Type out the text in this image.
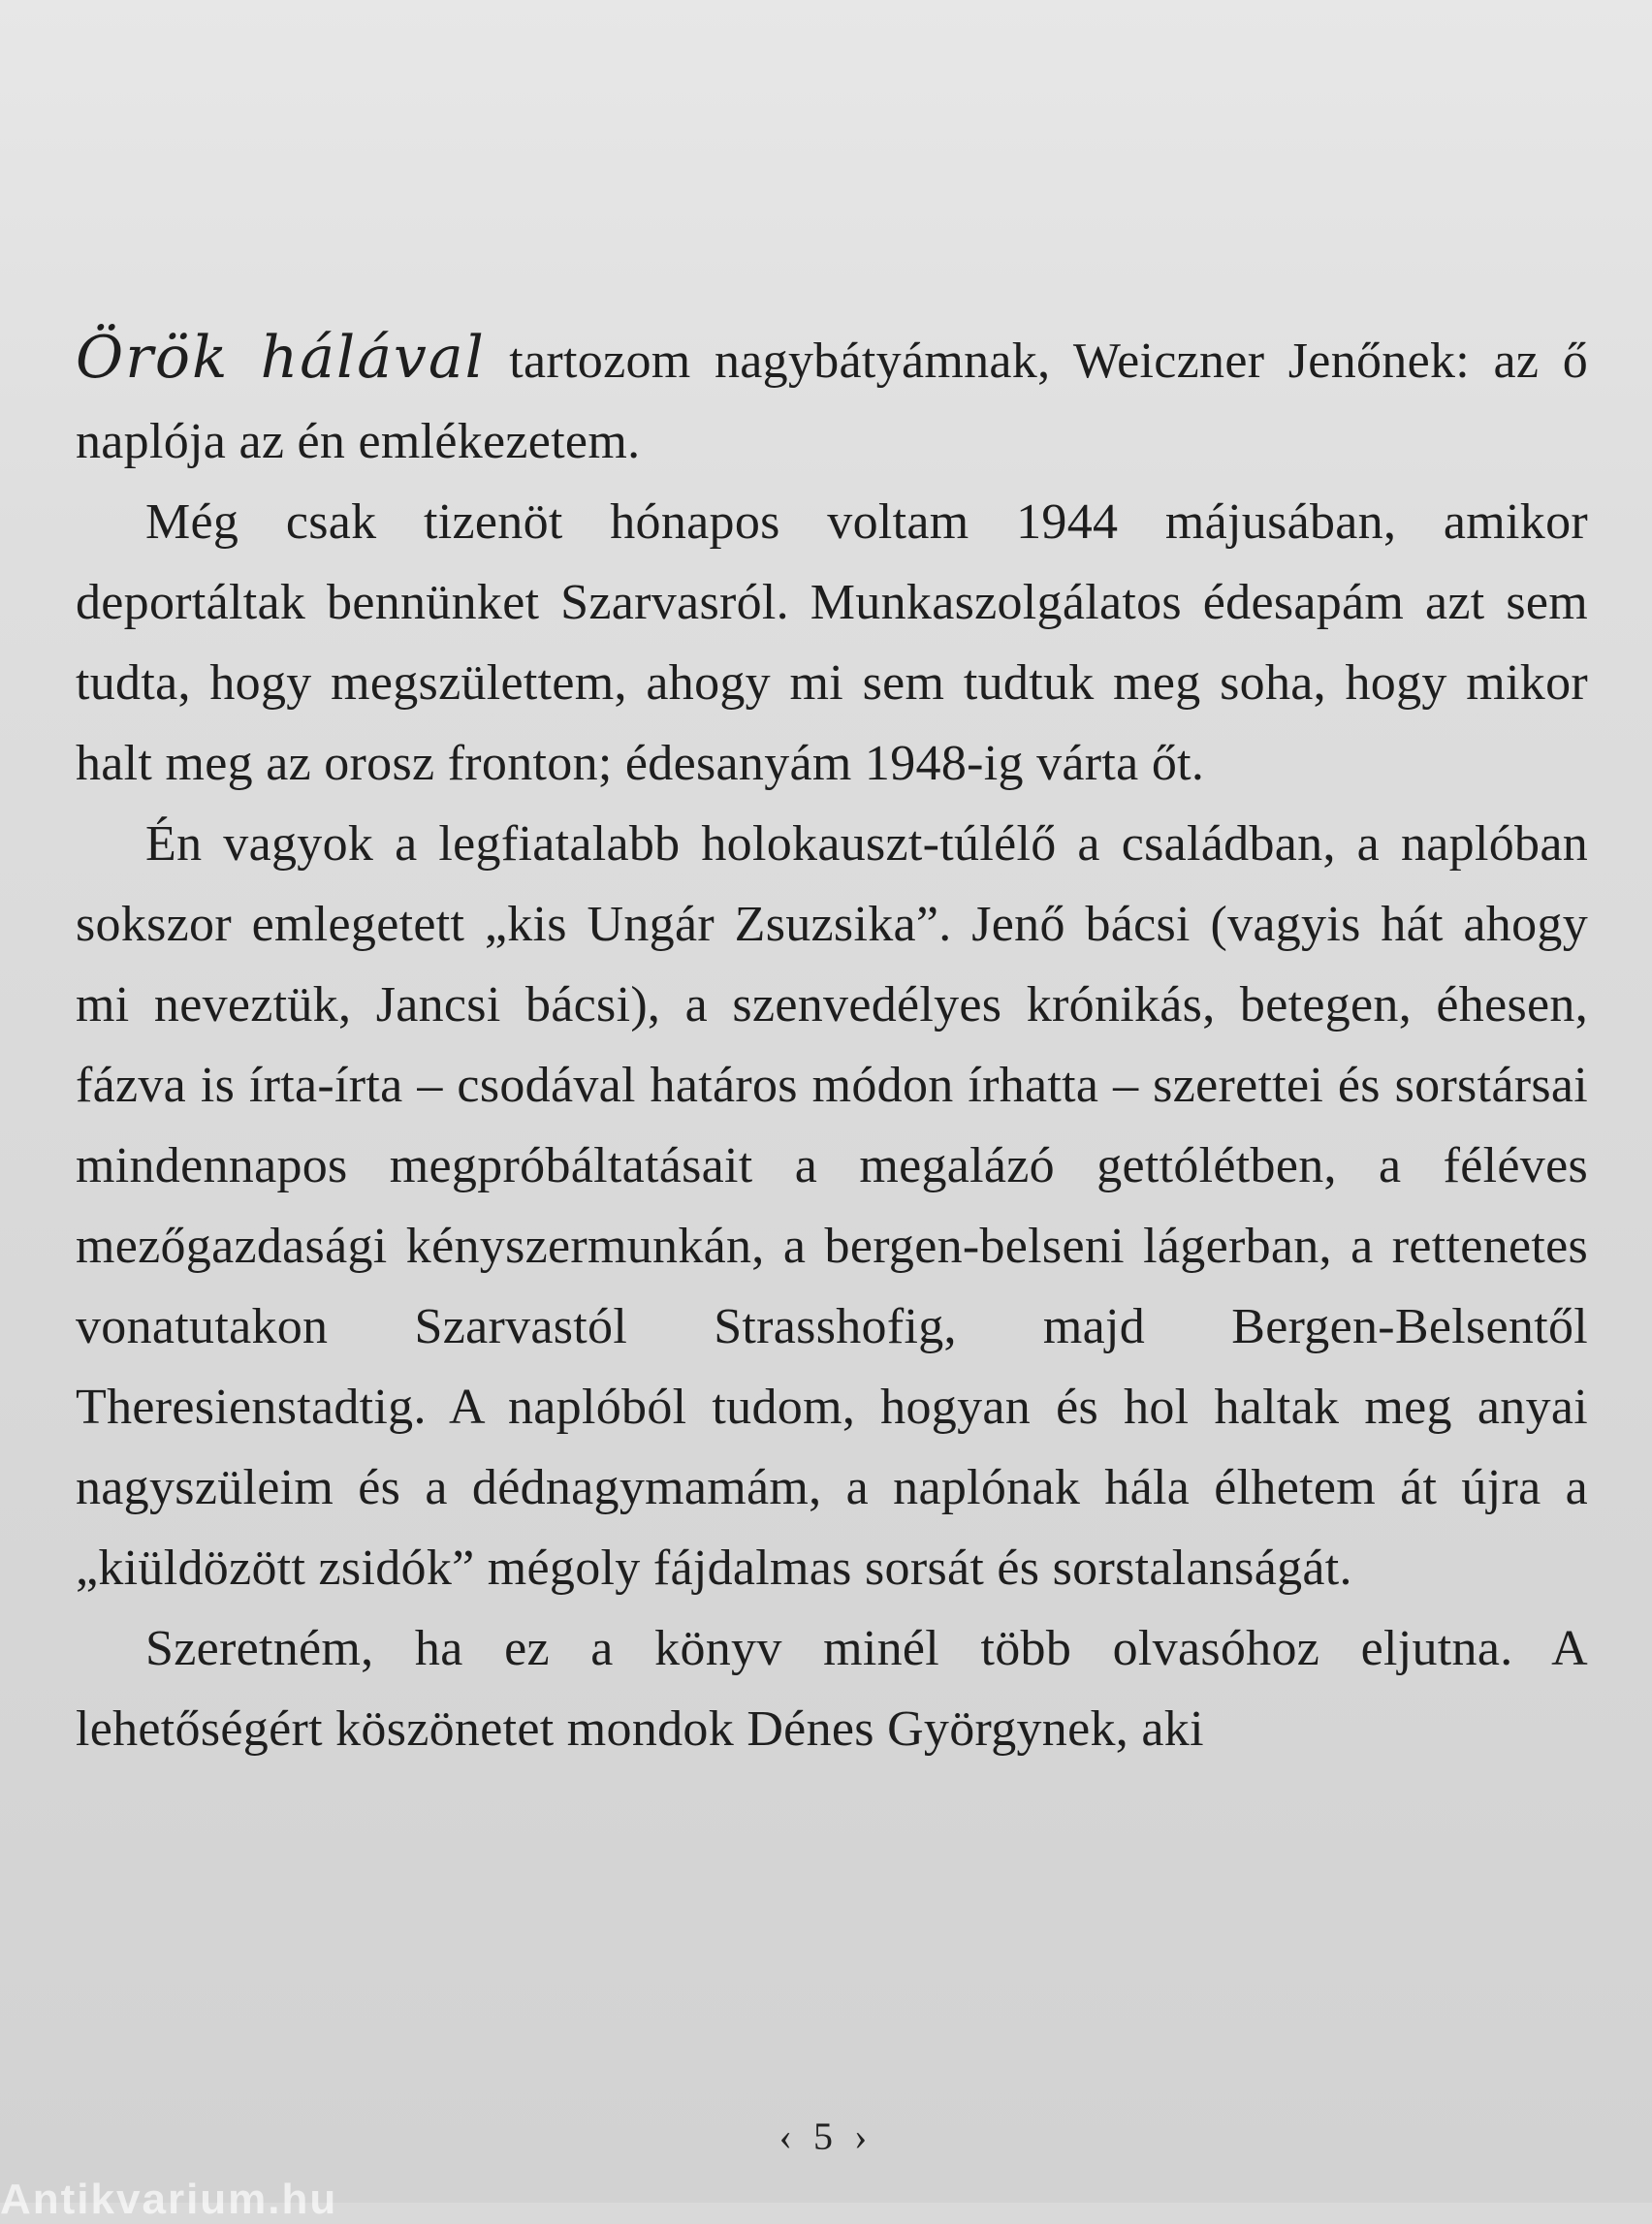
Örök hálával tartozom nagybátyámnak, Weiczner Jenőnek: az ő naplója az én emlékezetem.

Még csak tizenöt hónapos voltam 1944 májusában, amikor deportáltak bennünket Szarvasról. Munkaszolgálatos édesapám azt sem tudta, hogy megszülettem, ahogy mi sem tudtuk meg soha, hogy mikor halt meg az orosz fronton; édesanyám 1948-ig várta őt.

Én vagyok a legfiatalabb holokauszt-túlélő a családban, a naplóban sokszor emlegetett „kis Ungár Zsuzsika”. Jenő bácsi (vagyis hát ahogy mi neveztük, Jancsi bácsi), a szenvedélyes krónikás, betegen, éhesen, fázva is írta-írta – csodával határos módon írhatta – szerettei és sorstársai mindennapos megpróbáltatásait a megalázó gettólétben, a féléves mezőgazdasági kényszermunkán, a bergen-belseni lágerban, a rettenetes vonatutakon Szarvastól Strasshofig, majd Bergen-Belsentől Theresienstadtig. A naplóból tudom, hogyan és hol haltak meg anyai nagyszüleim és a dédnagymamám, a naplónak hála élhetem át újra a „kiüldözött zsidók” mégoly fájdalmas sorsát és sorstalanságát.

Szeretném, ha ez a könyv minél több olvasóhoz eljutna. A lehetőségért köszönetet mondok Dénes Györgynek, aki

‹ 5 ›
Antikvarium.hu
